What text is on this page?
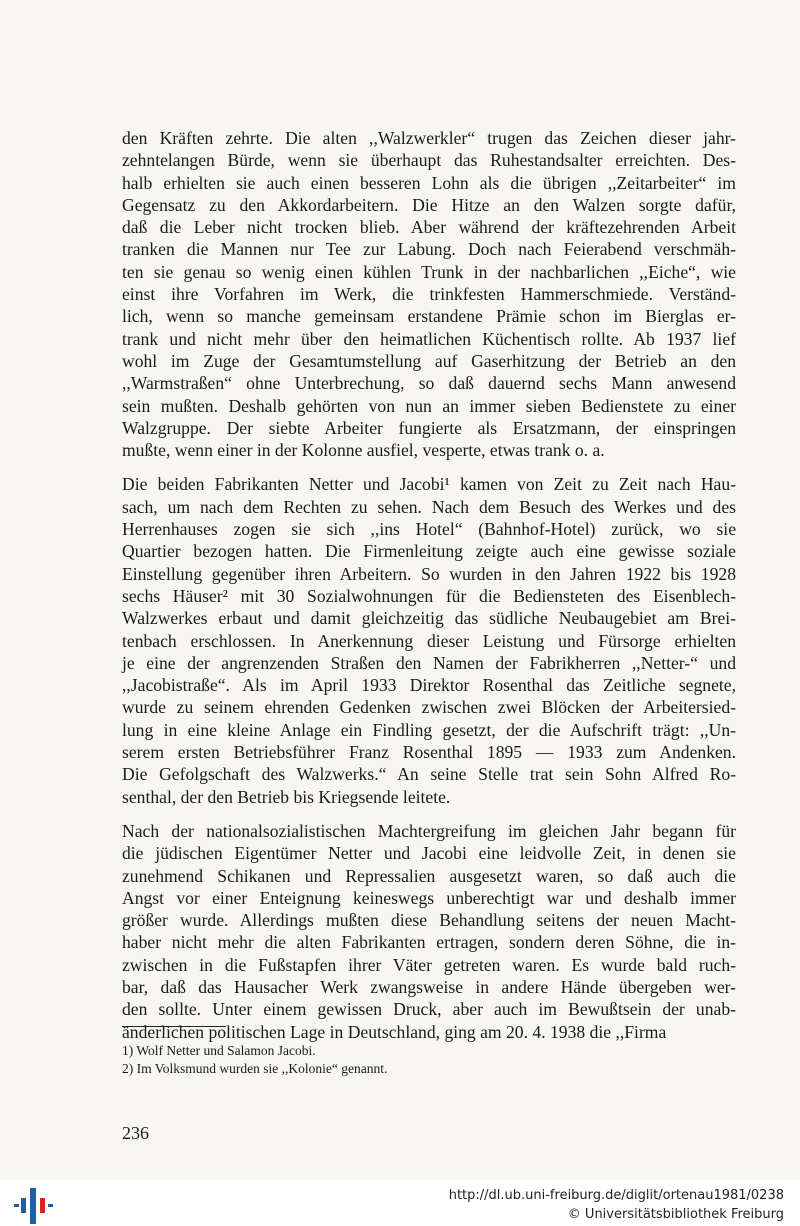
den Kräften zehrte. Die alten ,,Walzwerkler“ trugen das Zeichen dieser jahr-
zehntelangen Bürde, wenn sie überhaupt das Ruhestandsalter erreichten. Des-
halb erhielten sie auch einen besseren Lohn als die übrigen ,,Zeitarbeiter“ im
Gegensatz zu den Akkordarbeitern. Die Hitze an den Walzen sorgte dafür,
daß die Leber nicht trocken blieb. Aber während der kräftezehrenden Arbeit
tranken die Mannen nur Tee zur Labung. Doch nach Feierabend verschmäh-
ten sie genau so wenig einen kühlen Trunk in der nachbarlichen ,,Eiche“, wie
einst ihre Vorfahren im Werk, die trinkfesten Hammerschmiede. Verständ-
lich, wenn so manche gemeinsam erstandene Prämie schon im Bierglas er-
trank und nicht mehr über den heimatlichen Küchentisch rollte. Ab 1937 lief
wohl im Zuge der Gesamtumstellung auf Gaserhitzung der Betrieb an den
,,Warmstraßen“ ohne Unterbrechung, so daß dauernd sechs Mann anwesend
sein mußten. Deshalb gehörten von nun an immer sieben Bedienstete zu einer
Walzgruppe. Der siebte Arbeiter fungierte als Ersatzmann, der einspringen
mußte, wenn einer in der Kolonne ausfiel, vesperte, etwas trank o. a.

Die beiden Fabrikanten Netter und Jacobi¹ kamen von Zeit zu Zeit nach Hau-
sach, um nach dem Rechten zu sehen. Nach dem Besuch des Werkes und des
Herrenhauses zogen sie sich ,,ins Hotel“ (Bahnhof-Hotel) zurück, wo sie
Quartier bezogen hatten. Die Firmenleitung zeigte auch eine gewisse soziale
Einstellung gegenüber ihren Arbeitern. So wurden in den Jahren 1922 bis 1928
sechs Häuser² mit 30 Sozialwohnungen für die Bediensteten des Eisenblech-
Walzwerkes erbaut und damit gleichzeitig das südliche Neubaugebiet am Brei-
tenbach erschlossen. In Anerkennung dieser Leistung und Fürsorge erhielten
je eine der angrenzenden Straßen den Namen der Fabrikherren ,,Netter-“ und
,,Jacobistraße“. Als im April 1933 Direktor Rosenthal das Zeitliche segnete,
wurde zu seinem ehrenden Gedenken zwischen zwei Blöcken der Arbeitersied-
lung in eine kleine Anlage ein Findling gesetzt, der die Aufschrift trägt: ,,Un-
serem ersten Betriebsführer Franz Rosenthal 1895 — 1933 zum Andenken.
Die Gefolgschaft des Walzwerks.“ An seine Stelle trat sein Sohn Alfred Ro-
senthal, der den Betrieb bis Kriegsende leitete.

Nach der nationalsozialistischen Machtergreifung im gleichen Jahr begann für
die jüdischen Eigentümer Netter und Jacobi eine leidvolle Zeit, in denen sie
zunehmend Schikanen und Repressalien ausgesetzt waren, so daß auch die
Angst vor einer Enteignung keineswegs unberechtigt war und deshalb immer
größer wurde. Allerdings mußten diese Behandlung seitens der neuen Macht-
haber nicht mehr die alten Fabrikanten ertragen, sondern deren Söhne, die in-
zwischen in die Fußstapfen ihrer Väter getreten waren. Es wurde bald ruch-
bar, daß das Hausacher Werk zwangsweise in andere Hände übergeben wer-
den sollte. Unter einem gewissen Druck, aber auch im Bewußtsein der unab-
änderlichen politischen Lage in Deutschland, ging am 20. 4. 1938 die ,,Firma

1) Wolf Netter und Salamon Jacobi.
2) Im Volksmund wurden sie ,,Kolonie“ genannt.
236
http://dl.ub.uni-freiburg.de/diglit/ortenau1981/0238
© Universitätsbibliothek Freiburg
